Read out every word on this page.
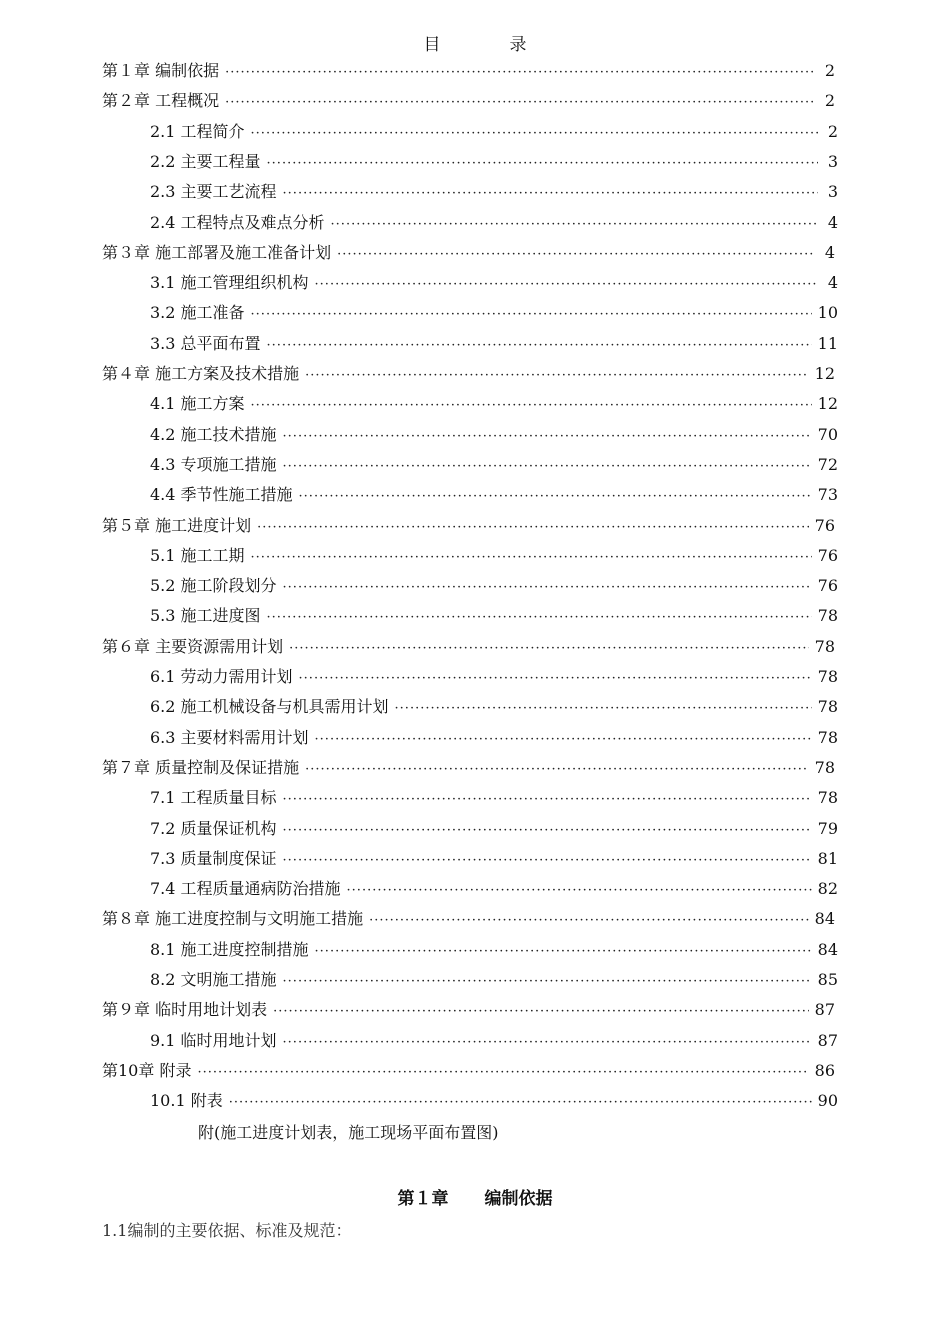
目　录
第１章 编制依据 ·····	2
第２章 工程概况 ·····	2
2.1 工程简介 ·····	2
2.2 主要工程量 ·····	3
2.3 主要工艺流程 ·····	3
2.4 工程特点及难点分析 ·····	4
第３章 施工部署及施工准备计划 ·····	4
3.1 施工管理组织机构 ·····	4
3.2 施工准备 ·····	10
3.3 总平面布置 ·····	11
第４章 施工方案及技术措施 ·····	12
4.1 施工方案 ·····	12
4.2 施工技术措施 ·····	70
4.3 专项施工措施 ·····	72
4.4 季节性施工措施 ·····	73
第５章 施工进度计划 ·····	76
5.1 施工工期 ·····	76
5.2 施工阶段划分 ·····	76
5.3 施工进度图 ·····	78
第６章 主要资源需用计划 ·····	78
6.1 劳动力需用计划 ·····	78
6.2 施工机械设备与机具需用计划 ·····	78
6.3 主要材料需用计划 ·····	78
第７章 质量控制及保证措施 ·····	78
7.1 工程质量目标 ·····	78
7.2 质量保证机构 ·····	79
7.3 质量制度保证 ·····	81
7.4 工程质量通病防治措施 ·····	82
第８章 施工进度控制与文明施工措施 ·····	84
8.1 施工进度控制措施 ·····	84
8.2 文明施工措施 ·····	85
第９章 临时用地计划表 ·····	87
9.1 临时用地计划 ·····	87
第10章 附录 ·····	86
10.1 附表 ·····	90
附(施工进度计划表，施工现场平面布置图)
第１章 编制依据
1.1编制的主要依据、标准及规范：
